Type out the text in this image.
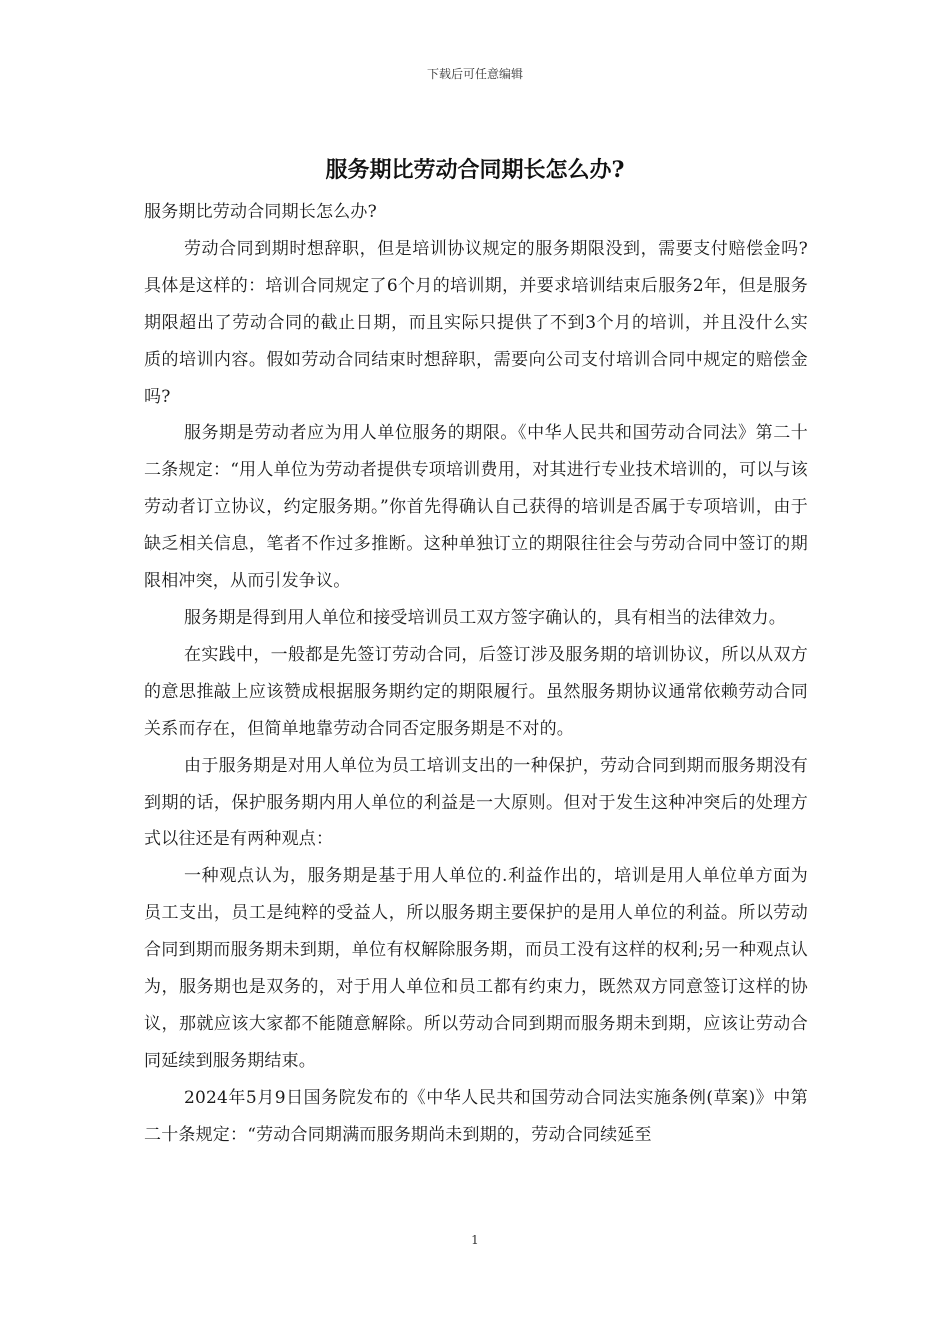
下载后可任意编辑
服务期比劳动合同期长怎么办?

服务期比劳动合同期长怎么办?

劳动合同到期时想辞职，但是培训协议规定的服务期限没到，需要支付赔偿金吗?具体是这样的：培训合同规定了6个月的培训期，并要求培训结束后服务2年，但是服务期限超出了劳动合同的截止日期，而且实际只提供了不到3个月的培训，并且没什么实质的培训内容。假如劳动合同结束时想辞职，需要向公司支付培训合同中规定的赔偿金吗?

服务期是劳动者应为用人单位服务的期限。《中华人民共和国劳动合同法》第二十二条规定：“用人单位为劳动者提供专项培训费用，对其进行专业技术培训的，可以与该劳动者订立协议，约定服务期。”你首先得确认自己获得的培训是否属于专项培训，由于缺乏相关信息，笔者不作过多推断。这种单独订立的期限往往会与劳动合同中签订的期限相冲突，从而引发争议。

服务期是得到用人单位和接受培训员工双方签字确认的，具有相当的法律效力。

在实践中，一般都是先签订劳动合同，后签订涉及服务期的培训协议，所以从双方的意思推敲上应该赞成根据服务期约定的期限履行。虽然服务期协议通常依赖劳动合同关系而存在，但简单地靠劳动合同否定服务期是不对的。

由于服务期是对用人单位为员工培训支出的一种保护，劳动合同到期而服务期没有到期的话，保护服务期内用人单位的利益是一大原则。但对于发生这种冲突后的处理方式以往还是有两种观点：

一种观点认为，服务期是基于用人单位的.利益作出的，培训是用人单位单方面为员工支出，员工是纯粹的受益人，所以服务期主要保护的是用人单位的利益。所以劳动合同到期而服务期未到期，单位有权解除服务期，而员工没有这样的权利;另一种观点认为，服务期也是双务的，对于用人单位和员工都有约束力，既然双方同意签订这样的协议，那就应该大家都不能随意解除。所以劳动合同到期而服务期未到期，应该让劳动合同延续到服务期结束。

2024年5月9日国务院发布的《中华人民共和国劳动合同法实施条例(草案)》中第二十条规定：“劳动合同期满而服务期尚未到期的，劳动合同续延至

1
